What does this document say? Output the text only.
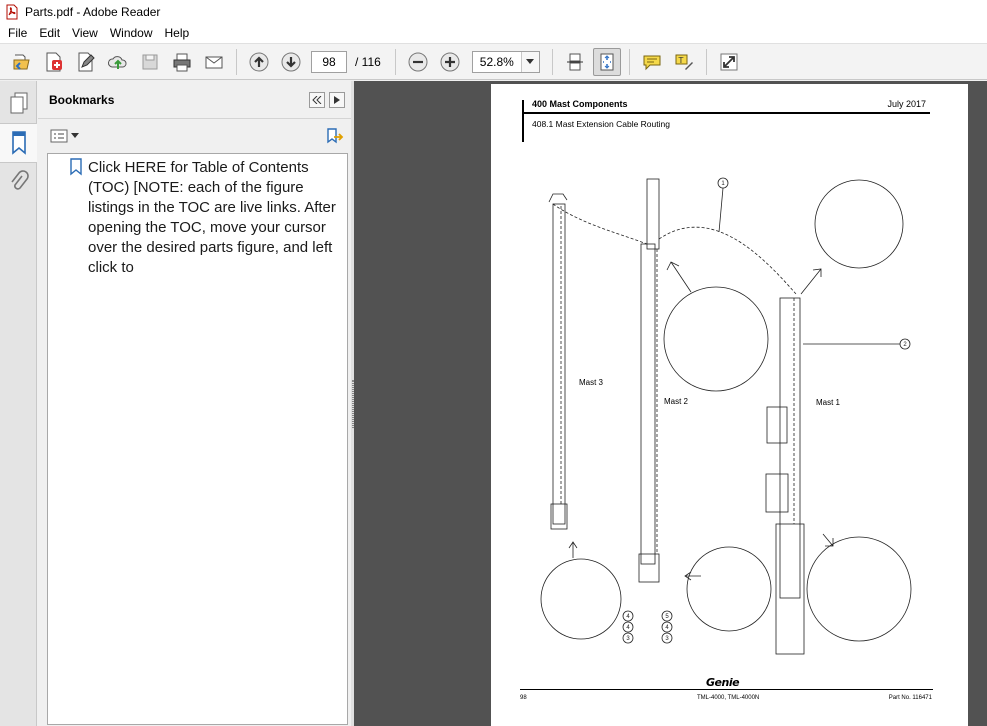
Parts.pdf - Adobe Reader
File	Edit	View	Window	Help
98	/ 116	52.8%	T
Bookmarks
Click HERE for Table of Contents (TOC) [NOTE: each of the figure listings in the TOC are live links. After opening the TOC, move your cursor over the desired parts figure, and left click to
400 Mast Components	July 2017
408.1 Mast Extension Cable Routing
1
2
4
4
3
5
4
3
Mast 3
Mast 2	Mast 1
Genie
98	TML-4000, TML-4000N	Part No. 116471
